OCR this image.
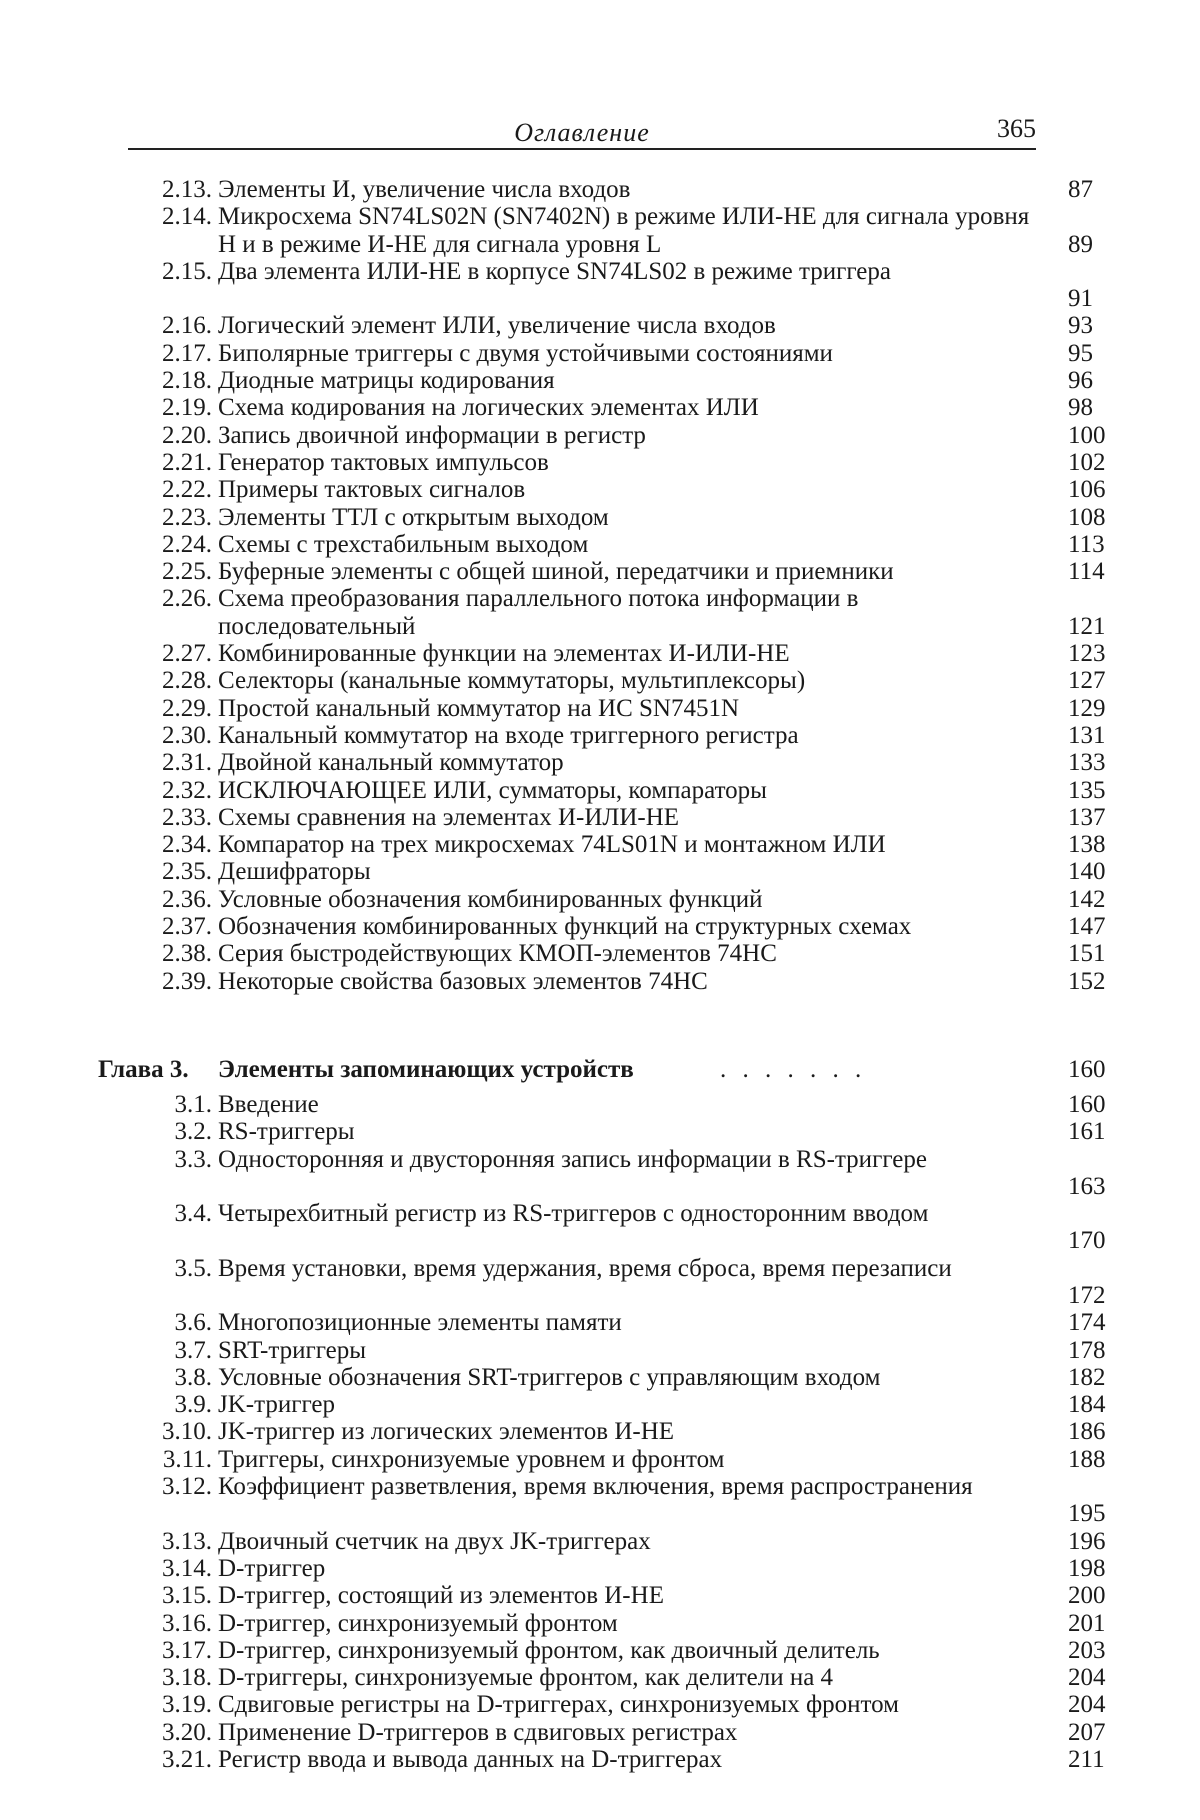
Оглавление	365
2.13. Элементы И, увеличение числа входов	87
2.14. Микросхема SN74LS02N (SN7402N) в режиме ИЛИ-НЕ для сигнала уровня H и в режиме И-НЕ для сигнала уровня L	89
2.15. Два элемента ИЛИ-НЕ в корпусе SN74LS02 в режиме триггера
91
2.16. Логический элемент ИЛИ, увеличение числа входов	93
2.17. Биполярные триггеры с двумя устойчивыми состояниями	95
2.18. Диодные матрицы кодирования	96
2.19. Схема кодирования на логических элементах ИЛИ	98
2.20. Запись двоичной информации в регистр	100
2.21. Генератор тактовых импульсов	102
2.22. Примеры тактовых сигналов	106
2.23. Элементы ТТЛ с открытым выходом	108
2.24. Схемы с трехстабильным выходом	113
2.25. Буферные элементы с общей шиной, передатчики и приемники	114
2.26. Схема преобразования параллельного потока информации в последовательный	121
2.27. Комбинированные функции на элементах И-ИЛИ-НЕ	123
2.28. Селекторы (канальные коммутаторы, мультиплексоры)	127
2.29. Простой канальный коммутатор на ИС SN7451N	129
2.30. Канальный коммутатор на входе триггерного регистра	131
2.31. Двойной канальный коммутатор	133
2.32. ИСКЛЮЧАЮЩЕЕ ИЛИ, сумматоры, компараторы	135
2.33. Схемы сравнения на элементах И-ИЛИ-НЕ	137
2.34. Компаратор на трех микросхемах 74LS01N и монтажном ИЛИ	138
2.35. Дешифраторы	140
2.36. Условные обозначения комбинированных функций	142
2.37. Обозначения комбинированных функций на структурных схемах	147
2.38. Серия быстродействующих КМОП-элементов 74НС	151
2.39. Некоторые свойства базовых элементов 74НС	152
Глава 3. Элементы запоминающих устройств	. . . . . . .	160
3.1. Введение	160
3.2. RS-триггеры	161
3.3. Односторонняя и двусторонняя запись информации в RS-триггере
163
3.4. Четырехбитный регистр из RS-триггеров с односторонним вводом
170
3.5. Время установки, время удержания, время сброса, время перезаписи
172
3.6. Многопозиционные элементы памяти	174
3.7. SRT-триггеры	178
3.8. Условные обозначения SRT-триггеров с управляющим входом	182
3.9. JK-триггер	184
3.10. JK-триггер из логических элементов И-НЕ	186
3.11. Триггеры, синхронизуемые уровнем и фронтом	188
3.12. Коэффициент разветвления, время включения, время распространения
195
3.13. Двоичный счетчик на двух JK-триггерах	196
3.14. D-триггер	198
3.15. D-триггер, состоящий из элементов И-НЕ	200
3.16. D-триггер, синхронизуемый фронтом	201
3.17. D-триггер, синхронизуемый фронтом, как двоичный делитель	203
3.18. D-триггеры, синхронизуемые фронтом, как делители на 4	204
3.19. Сдвиговые регистры на D-триггерах, синхронизуемых фронтом	204
3.20. Применение D-триггеров в сдвиговых регистрах	207
3.21. Регистр ввода и вывода данных на D-триггерах	211
